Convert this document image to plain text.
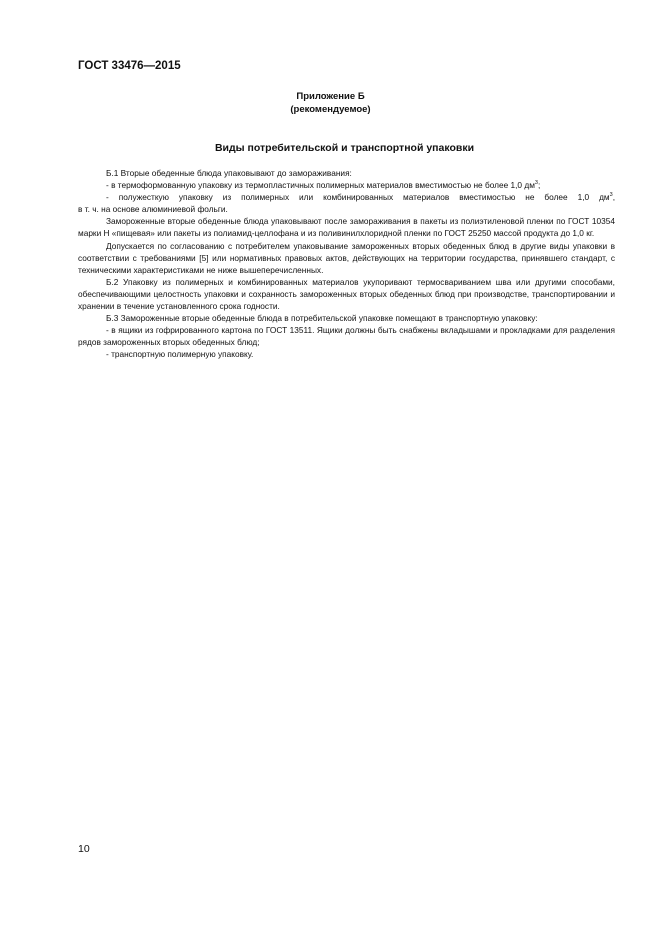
ГОСТ 33476—2015
Приложение Б
(рекомендуемое)
Виды потребительской и транспортной упаковки

Б.1 Вторые обеденные блюда упаковывают до замораживания:

- в термоформованную упаковку из термопластичных полимерных материалов вместимостью не более 1,0 $дм^3$;

- полужесткую упаковку из полимерных или комбинированных материалов вместимостью не более 1,0 $дм^3$,

в т. ч. на основе алюминиевой фольги.

Замороженные вторые обеденные блюда упаковывают после замораживания в пакеты из полиэтиленовой пленки по ГОСТ 10354 марки Н «пищевая» или пакеты из полиамид-целлофана и из поливинилхлоридной пленки по ГОСТ 25250 массой продукта до 1,0 кг.

Допускается по согласованию с потребителем упаковывание замороженных вторых обеденных блюд в другие виды упаковки в соответствии с требованиями [5] или нормативных правовых актов, действующих на территории государства, принявшего стандарт, с техническими характеристиками не ниже вышеперечисленных.

Б.2 Упаковку из полимерных и комбинированных материалов укупоривают термосвариванием шва или другими способами, обеспечивающими целостность упаковки и сохранность замороженных вторых обеденных блюд при производстве, транспортировании и хранении в течение установленного срока годности.

Б.3 Замороженные вторые обеденные блюда в потребительской упаковке помещают в транспортную упаковку:

- в ящики из гофрированного картона по ГОСТ 13511. Ящики должны быть снабжены вкладышами и прокладками для разделения рядов замороженных вторых обеденных блюд;

- транспортную полимерную упаковку.

10
